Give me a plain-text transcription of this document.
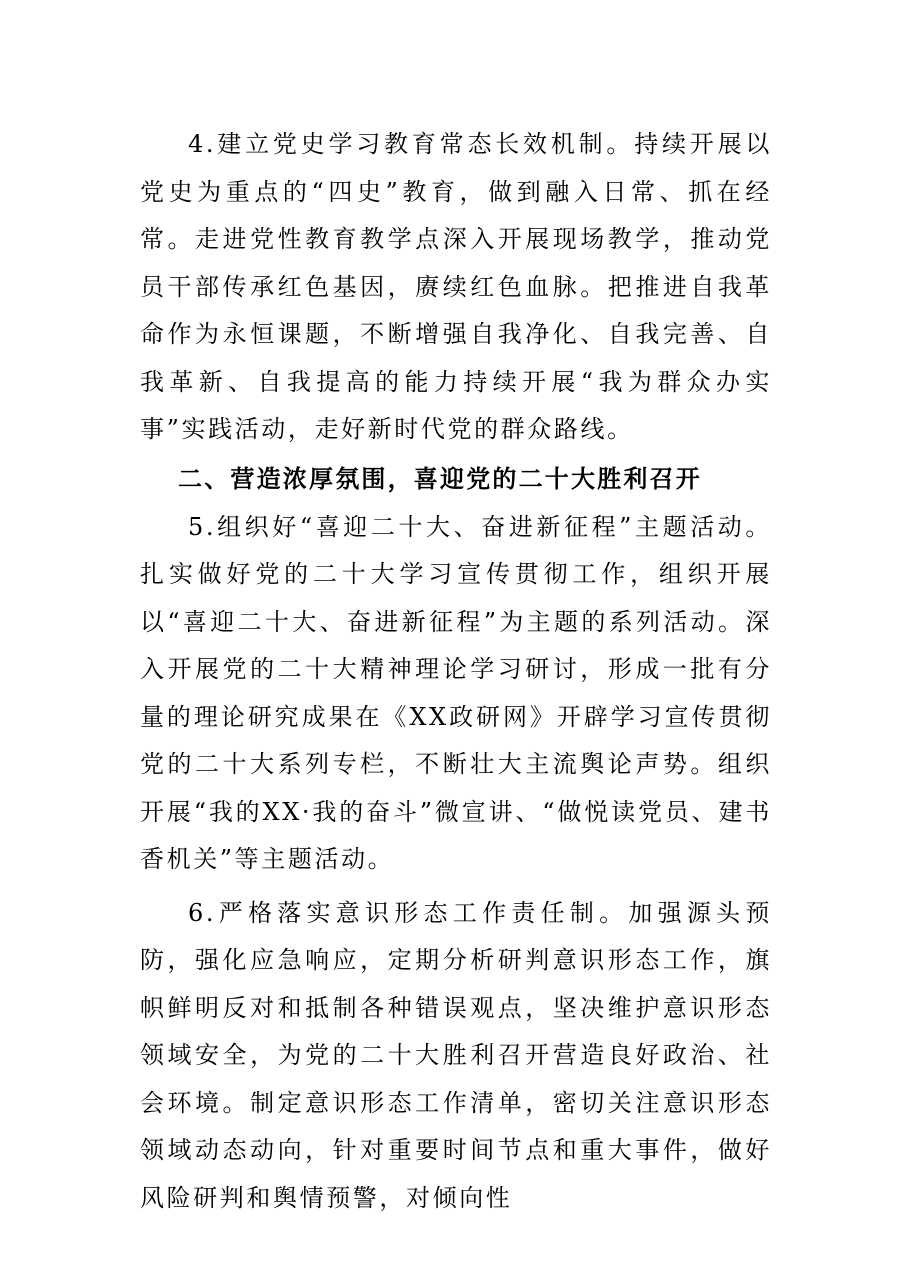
4.建立党史学习教育常态长效机制。持续开展以党史为重点的“四史”教育，做到融入日常、抓在经常。走进党性教育教学点深入开展现场教学，推动党员干部传承红色基因，赓续红色血脉。把推进自我革命作为永恒课题，不断增强自我净化、自我完善、自我革新、自我提高的能力持续开展“我为群众办实事”实践活动，走好新时代党的群众路线。

二、营造浓厚氛围，喜迎党的二十大胜利召开

5.组织好“喜迎二十大、奋进新征程”主题活动。扎实做好党的二十大学习宣传贯彻工作，组织开展以“喜迎二十大、奋进新征程”为主题的系列活动。深入开展党的二十大精神理论学习研讨，形成一批有分量的理论研究成果在《XX政研网》开辟学习宣传贯彻党的二十大系列专栏，不断壮大主流舆论声势。组织开展“我的XX·我的奋斗”微宣讲、“做悦读党员、建书香机关”等主题活动。

6.严格落实意识形态工作责任制。加强源头预防，强化应急响应，定期分析研判意识形态工作，旗帜鲜明反对和抵制各种错误观点，坚决维护意识形态领域安全，为党的二十大胜利召开营造良好政治、社会环境。制定意识形态工作清单，密切关注意识形态领域动态动向，针对重要时间节点和重大事件，做好风险研判和舆情预警，对倾向性
